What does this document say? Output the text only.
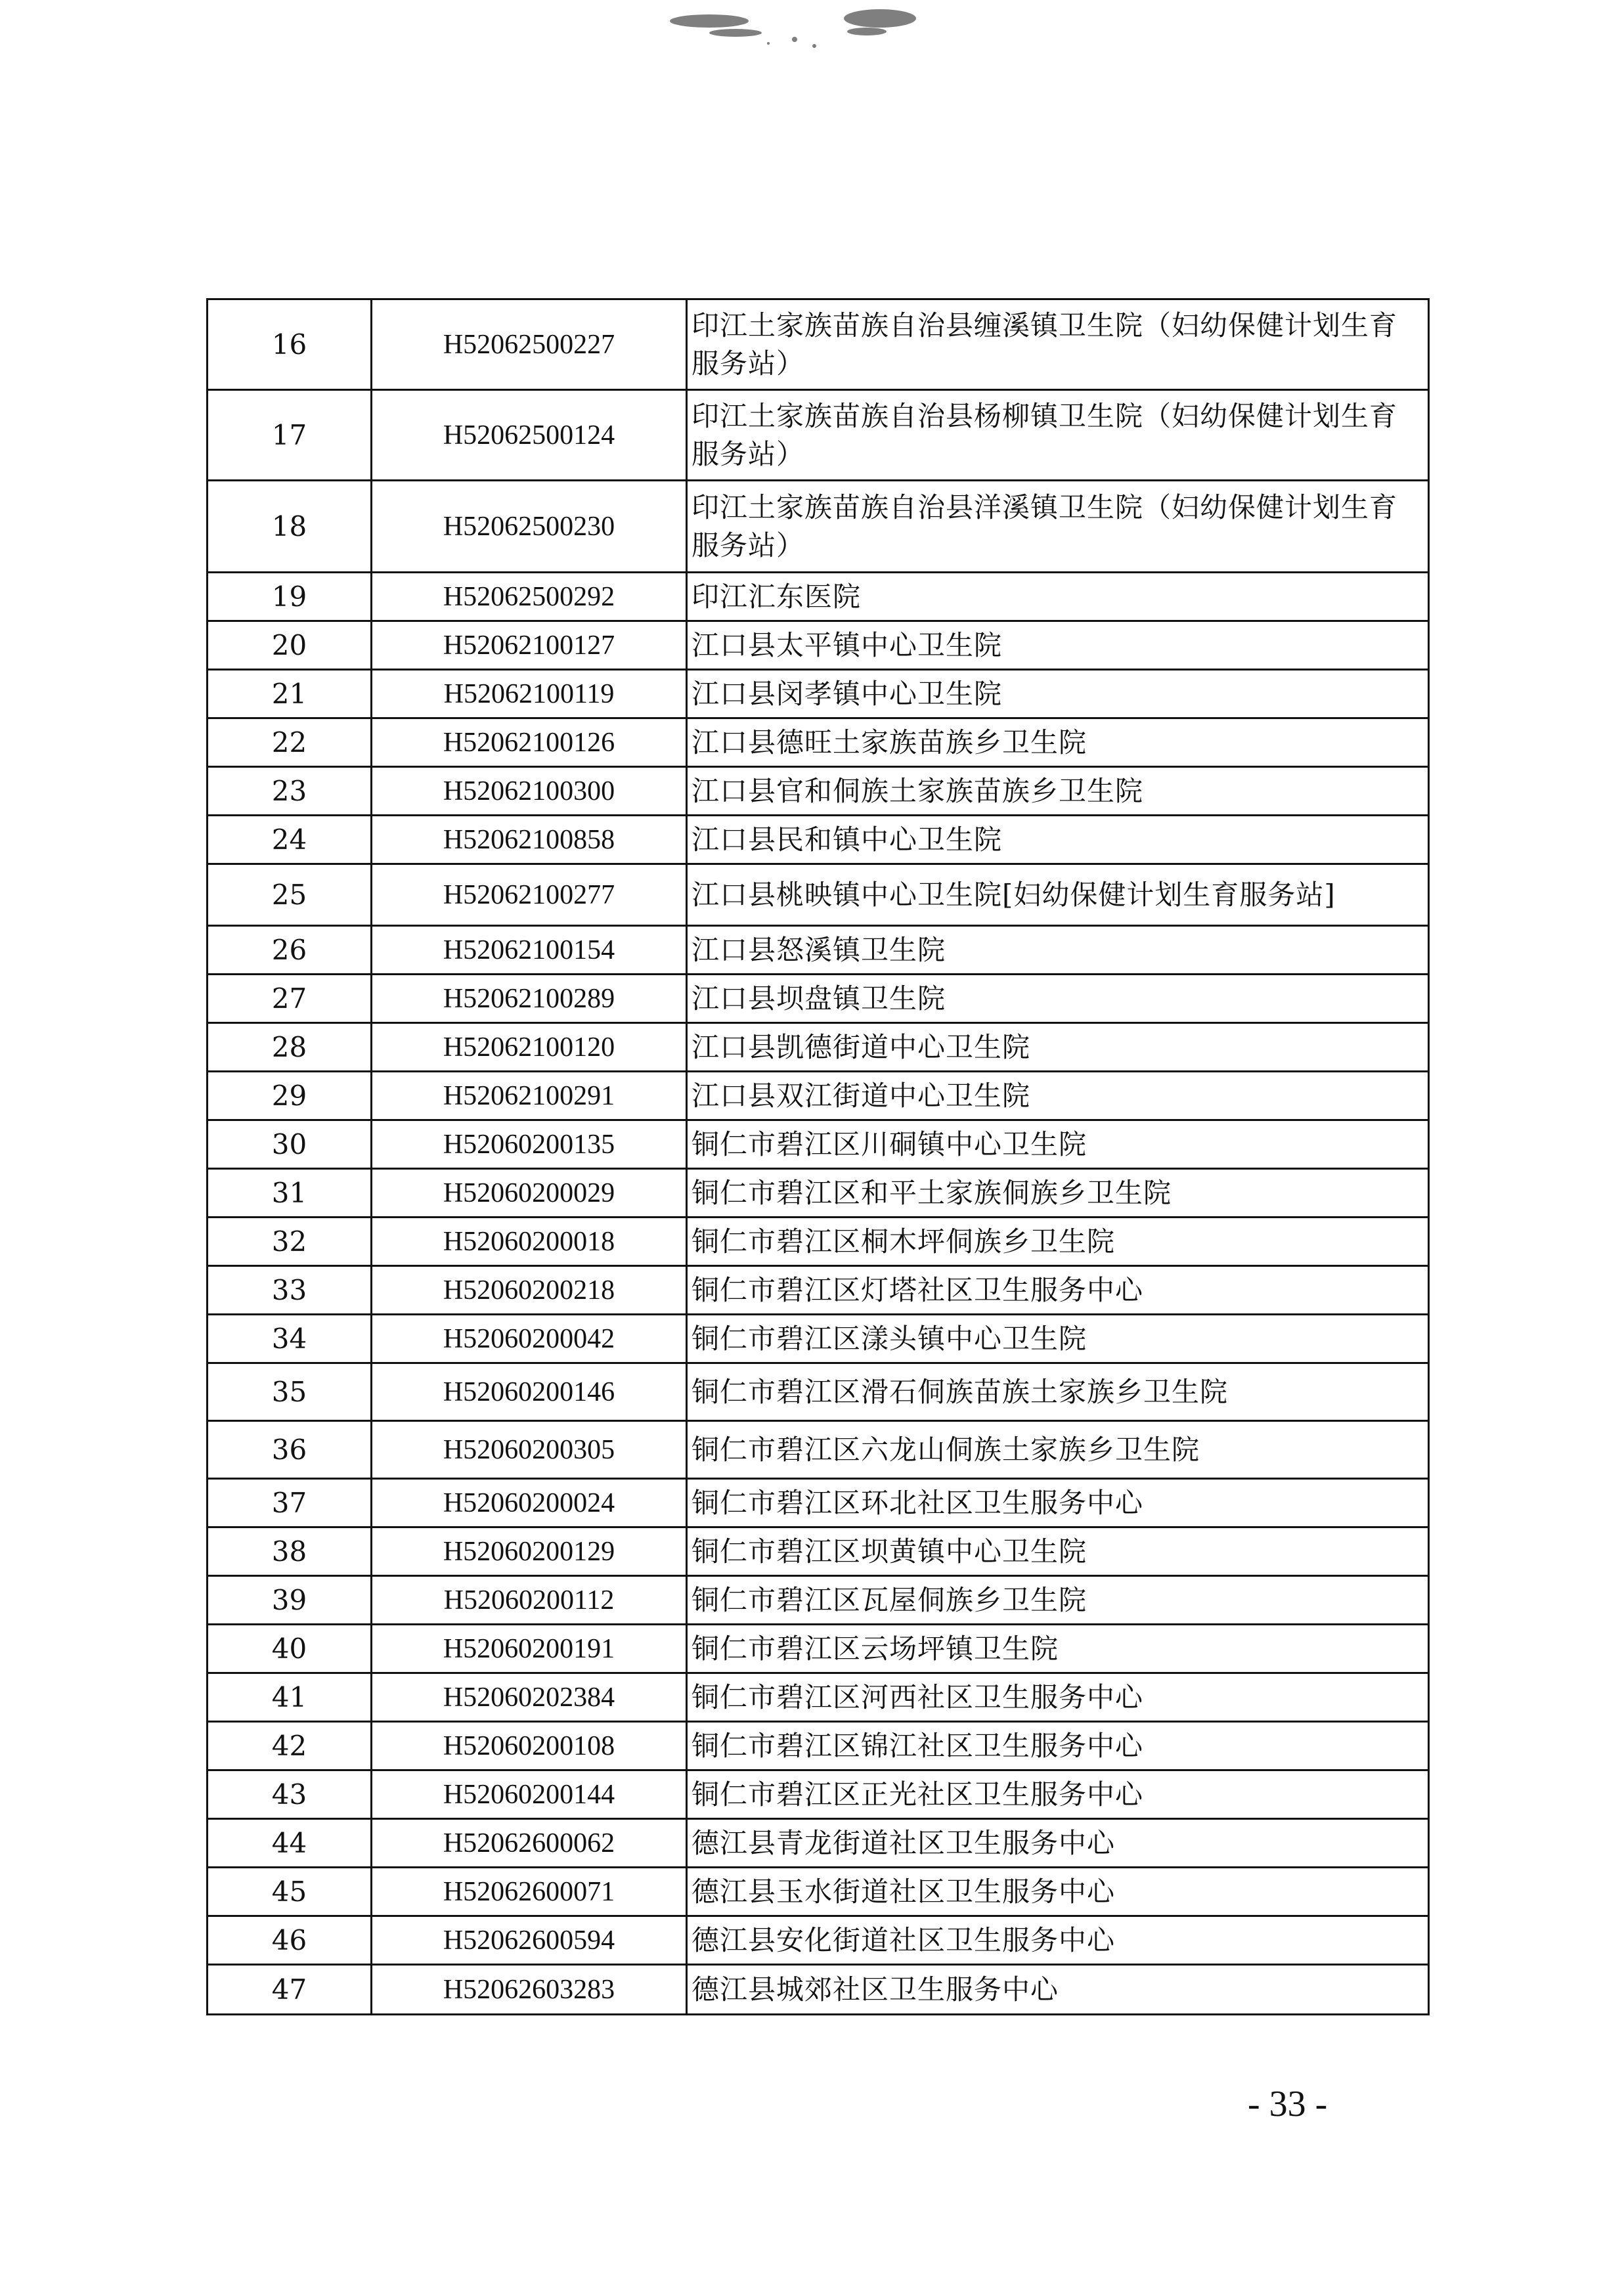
16	H52062500227	印江土家族苗族自治县缠溪镇卫生院（妇幼保健计划生育服务站）
17	H52062500124	印江土家族苗族自治县杨柳镇卫生院（妇幼保健计划生育服务站）
18	H52062500230	印江土家族苗族自治县洋溪镇卫生院（妇幼保健计划生育服务站）
19	H52062500292	印江汇东医院
20	H52062100127	江口县太平镇中心卫生院
21	H52062100119	江口县闵孝镇中心卫生院
22	H52062100126	江口县德旺土家族苗族乡卫生院
23	H52062100300	江口县官和侗族土家族苗族乡卫生院
24	H52062100858	江口县民和镇中心卫生院
25	H52062100277	江口县桃映镇中心卫生院[妇幼保健计划生育服务站]
26	H52062100154	江口县怒溪镇卫生院
27	H52062100289	江口县坝盘镇卫生院
28	H52062100120	江口县凯德街道中心卫生院
29	H52062100291	江口县双江街道中心卫生院
30	H52060200135	铜仁市碧江区川硐镇中心卫生院
31	H52060200029	铜仁市碧江区和平土家族侗族乡卫生院
32	H52060200018	铜仁市碧江区桐木坪侗族乡卫生院
33	H52060200218	铜仁市碧江区灯塔社区卫生服务中心
34	H52060200042	铜仁市碧江区漾头镇中心卫生院
35	H52060200146	铜仁市碧江区滑石侗族苗族土家族乡卫生院
36	H52060200305	铜仁市碧江区六龙山侗族土家族乡卫生院
37	H52060200024	铜仁市碧江区环北社区卫生服务中心
38	H52060200129	铜仁市碧江区坝黄镇中心卫生院
39	H52060200112	铜仁市碧江区瓦屋侗族乡卫生院
40	H52060200191	铜仁市碧江区云场坪镇卫生院
41	H52060202384	铜仁市碧江区河西社区卫生服务中心
42	H52060200108	铜仁市碧江区锦江社区卫生服务中心
43	H52060200144	铜仁市碧江区正光社区卫生服务中心
44	H52062600062	德江县青龙街道社区卫生服务中心
45	H52062600071	德江县玉水街道社区卫生服务中心
46	H52062600594	德江县安化街道社区卫生服务中心
47	H52062603283	德江县城郊社区卫生服务中心
- 33 -
